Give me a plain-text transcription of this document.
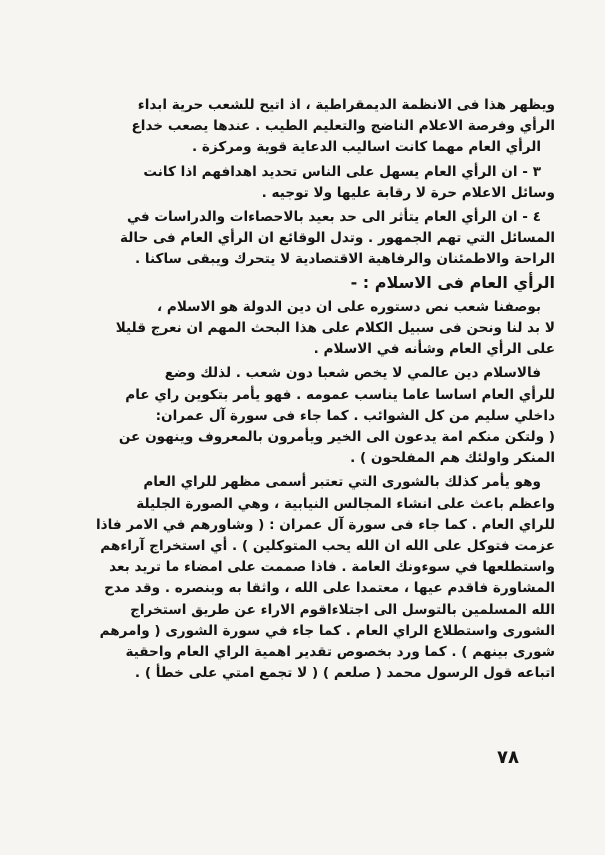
ويظهر هذا فى الانظمة الديمقراطية ، اذ اتيح للشعب حرية ابداء
الرأي وفرصة الاعلام الناضج والتعليم الطيب . عندها يصعب خداع
الرأي العام مهما كانت اساليب الدعاية قوية ومركزة .
٣ - ان الرأي العام يسهل على الناس تحديد اهدافهم اذا كانت
وسائل الاعلام حرة لا رقابة عليها ولا توجيه .
٤ - ان الرأي العام يتأثر الى حد بعيد بالاحصاءات والدراسات في
المسائل التي تهم الجمهور . وتدل الوقائع ان الرأي العام فى حالة
الراحة والاطمئنان والرفاهية الاقتصادية لا يتحرك ويبقى ساكنا .
الرأي العام فى الاسلام : -
بوصفنا شعب نص دستوره على ان دين الدولة هو الاسلام ،
لا بد لنا ونحن فى سبيل الكلام على هذا البحث المهم ان نعرج قليلا
على الرأي العام وشأنه في الاسلام .
فالاسلام دين عالمي لا يخص شعبا دون شعب . لذلك وضع
للرأي العام اساسا عاما يناسب عمومه . فهو يأمر بتكوين راي عام
داخلي سليم من كل الشوائب . كما جاء فى سورة آل عمران:
( ولتكن منكم امة يدعون الى الخير ويأمرون بالمعروف وينهون عن
المنكر واولئك هم المفلحون ) .
وهو يأمر كذلك بالشورى التي تعتبر أسمى مظهر للراي العام
واعظم باعث على انشاء المجالس النيابية ، وهي الصورة الجليلة
للراي العام . كما جاء فى سورة آل عمران : ( وشاورهم في الامر فاذا
عزمت فتوكل على الله ان الله يحب المتوكلين ) . أي استخراج آراءهم
واستطلعها في سوءونك العامة . فاذا صممت على امضاء ما تريد بعد
المشاورة فاقدم عيها ، معتمدا على الله ، واثقا به وبنصره . وقد مدح
الله المسلمين بالتوسل الى اجتلاءاقوم الاراء عن طريق استخراج
الشورى واستطلاع الراي العام . كما جاء في سورة الشورى ( وامرهم
شورى بينهم ) . كما ورد بخصوص تقدير اهمية الراي العام واحقية
اتباعه قول الرسول محمد ( صلعم ) ( لا تجمع امتي على خطأ ) .
٧٨
